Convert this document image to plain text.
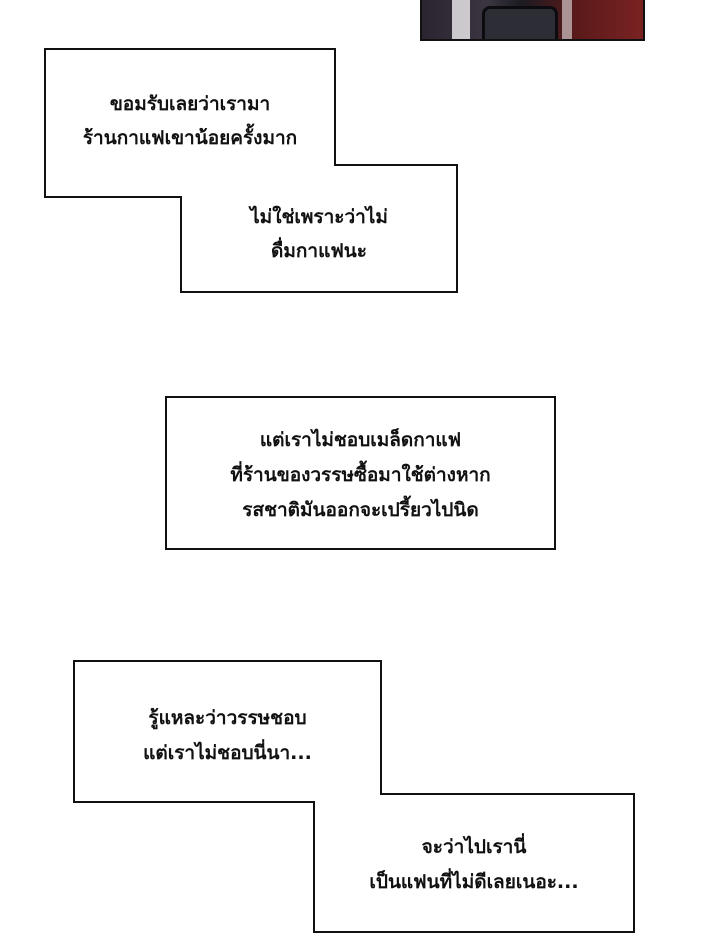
ขอมรับเลยว่าเรามา
ร้านกาแฟเขาน้อยครั้งมาก
ไม่ใช่เพราะว่าไม่
ดื่มกาแฟนะ
แต่เราไม่ชอบเมล็ดกาแฟ
ที่ร้านของวรรษซื้อมาใช้ต่างหาก
รสชาติมันออกจะเปรี้ยวไปนิด
รู้แหละว่าวรรษชอบ
แต่เราไม่ชอบนี่นา...
จะว่าไปเรานี่
เป็นแฟนที่ไม่ดีเลยเนอะ...
